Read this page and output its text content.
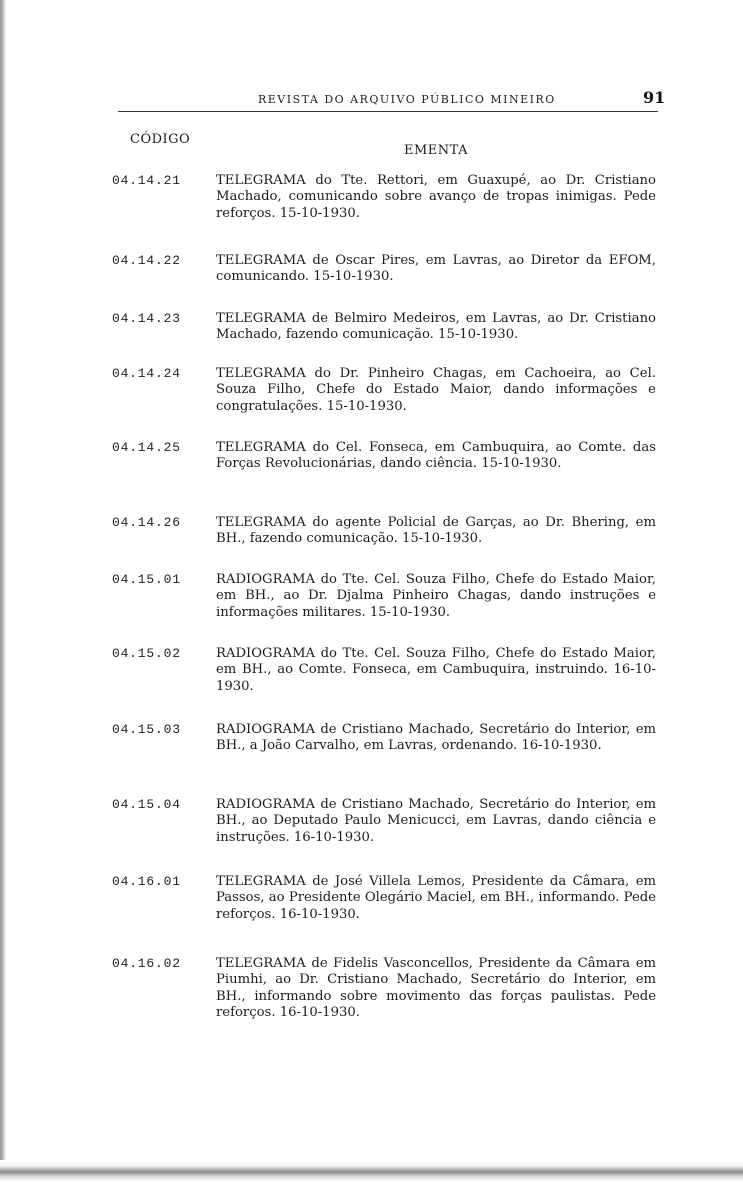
REVISTA DO ARQUIVO PÚBLICO MINEIRO	91
CÓDIGO
EMENTA
04.14.21	TELEGRAMA do Tte. Rettori, em Guaxupé, ao Dr. Cristiano Machado, comunicando sobre avanço de tropas inimigas. Pede reforços. 15-10-1930.
04.14.22	TELEGRAMA de Oscar Pires, em Lavras, ao Diretor da EFOM, comunicando. 15-10-1930.
04.14.23	TELEGRAMA de Belmiro Medeiros, em Lavras, ao Dr. Cristiano Machado, fazendo comunicação. 15-10-1930.
04.14.24	TELEGRAMA do Dr. Pinheiro Chagas, em Cachoeira, ao Cel. Souza Filho, Chefe do Estado Maior, dando informações e congratulações. 15-10-1930.
04.14.25	TELEGRAMA do Cel. Fonseca, em Cambuquira, ao Comte. das Forças Revolucionárias, dando ciência. 15-10-1930.
04.14.26	TELEGRAMA do agente Policial de Garças, ao Dr. Bhering, em BH., fazendo comunicação. 15-10-1930.
04.15.01	RADIOGRAMA do Tte. Cel. Souza Filho, Chefe do Estado Maior, em BH., ao Dr. Djalma Pinheiro Chagas, dando instruções e informações militares. 15-10-1930.
04.15.02	RADIOGRAMA do Tte. Cel. Souza Filho, Chefe do Estado Maior, em BH., ao Comte. Fonseca, em Cambuquira, instruindo. 16-10-1930.
04.15.03	RADIOGRAMA de Cristiano Machado, Secretário do Interior, em BH., a João Carvalho, em Lavras, ordenando. 16-10-1930.
04.15.04	RADIOGRAMA de Cristiano Machado, Secretário do Interior, em BH., ao Deputado Paulo Menicucci, em Lavras, dando ciência e instruções. 16-10-1930.
04.16.01	TELEGRAMA de José Villela Lemos, Presidente da Câmara, em Passos, ao Presidente Olegário Maciel, em BH., informando. Pede reforços. 16-10-1930.
04.16.02	TELEGRAMA de Fidelis Vasconcellos, Presidente da Câmara em Piumhi, ao Dr. Cristiano Machado, Secretário do Interior, em BH., informando sobre movimento das forças paulistas. Pede reforços. 16-10-1930.
